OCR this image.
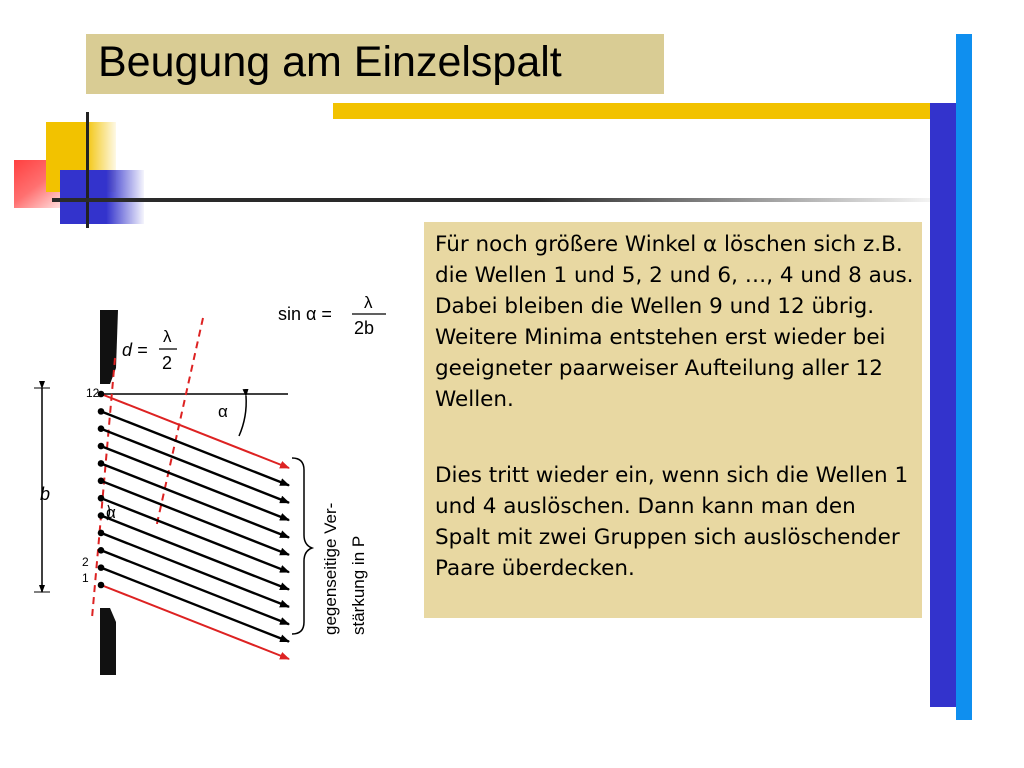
Beugung am Einzelspalt

Für noch größere Winkel α löschen sich z.B. die Wellen 1 und 5, 2 und 6, …, 4 und 8 aus. Dabei bleiben die Wellen 9 und 12 übrig. Weitere Minima entstehen erst wieder bei geeigneter paarweiser Aufteilung aller 12 Wellen.

Dies tritt wieder ein, wenn sich die Wellen 1 und 4 auslöschen. Dann kann man den Spalt mit zwei Gruppen sich auslöschender Paare überdecken.

12
2
1
b
α
α
sin α =
λ
2b
d =
λ
2
gegenseitige Ver- stärkung in P
